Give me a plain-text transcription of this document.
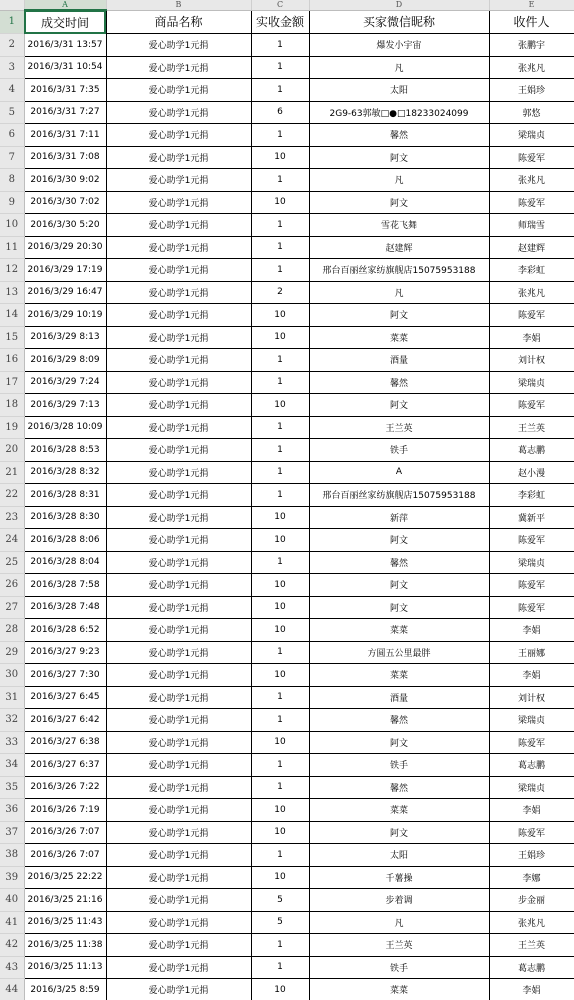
	A	B	C	D	E
1	成交时间	商品名称	实收金额	买家微信昵称	收件人
2	2016/3/31 13:57	爱心助学1元捐	1	爆发小宇宙	张鹏宇
3	2016/3/31 10:54	爱心助学1元捐	1	凡	张兆凡
4	2016/3/31 7:35	爱心助学1元捐	1	太阳	王娟珍
5	2016/3/31 7:27	爱心助学1元捐	6	2G9-63郭敏□●□18233024099	郭悠
6	2016/3/31 7:11	爱心助学1元捐	1	馨然	梁瑞贞
7	2016/3/31 7:08	爱心助学1元捐	10	阿文	陈爱军
8	2016/3/30 9:02	爱心助学1元捐	1	凡	张兆凡
9	2016/3/30 7:02	爱心助学1元捐	10	阿文	陈爱军
10	2016/3/30 5:20	爱心助学1元捐	1	雪花飞舞	师瑞雪
11	2016/3/29 20:30	爱心助学1元捐	1	赵建辉	赵建辉
12	2016/3/29 17:19	爱心助学1元捐	1	邢台百丽丝家纺旗舰店15075953188	李彩虹
13	2016/3/29 16:47	爱心助学1元捐	2	凡	张兆凡
14	2016/3/29 10:19	爱心助学1元捐	10	阿文	陈爱军
15	2016/3/29 8:13	爱心助学1元捐	10	菜菜	李娟
16	2016/3/29 8:09	爱心助学1元捐	1	酒量	刘计权
17	2016/3/29 7:24	爱心助学1元捐	1	馨然	梁瑞贞
18	2016/3/29 7:13	爱心助学1元捐	10	阿文	陈爱军
19	2016/3/28 10:09	爱心助学1元捐	1	王兰英	王兰英
20	2016/3/28 8:53	爱心助学1元捐	1	铁手	葛志鹏
21	2016/3/28 8:32	爱心助学1元捐	1	A	赵小漫
22	2016/3/28 8:31	爱心助学1元捐	1	邢台百丽丝家纺旗舰店15075953188	李彩虹
23	2016/3/28 8:30	爱心助学1元捐	10	新萍	冀新平
24	2016/3/28 8:06	爱心助学1元捐	10	阿文	陈爱军
25	2016/3/28 8:04	爱心助学1元捐	1	馨然	梁瑞贞
26	2016/3/28 7:58	爱心助学1元捐	10	阿文	陈爱军
27	2016/3/28 7:48	爱心助学1元捐	10	阿文	陈爱军
28	2016/3/28 6:52	爱心助学1元捐	10	菜菜	李娟
29	2016/3/27 9:23	爱心助学1元捐	1	方圆五公里最胖	王丽娜
30	2016/3/27 7:30	爱心助学1元捐	10	菜菜	李娟
31	2016/3/27 6:45	爱心助学1元捐	1	酒量	刘计权
32	2016/3/27 6:42	爱心助学1元捐	1	馨然	梁瑞贞
33	2016/3/27 6:38	爱心助学1元捐	10	阿文	陈爱军
34	2016/3/27 6:37	爱心助学1元捐	1	铁手	葛志鹏
35	2016/3/26 7:22	爱心助学1元捐	1	馨然	梁瑞贞
36	2016/3/26 7:19	爱心助学1元捐	10	菜菜	李娟
37	2016/3/26 7:07	爱心助学1元捐	10	阿文	陈爱军
38	2016/3/26 7:07	爱心助学1元捐	1	太阳	王娟珍
39	2016/3/25 22:22	爱心助学1元捐	10	千薯操	李娜
40	2016/3/25 21:16	爱心助学1元捐	5	步着调	步金丽
41	2016/3/25 11:43	爱心助学1元捐	5	凡	张兆凡
42	2016/3/25 11:38	爱心助学1元捐	1	王兰英	王兰英
43	2016/3/25 11:13	爱心助学1元捐	1	铁手	葛志鹏
44	2016/3/25 8:59	爱心助学1元捐	10	菜菜	李娟
